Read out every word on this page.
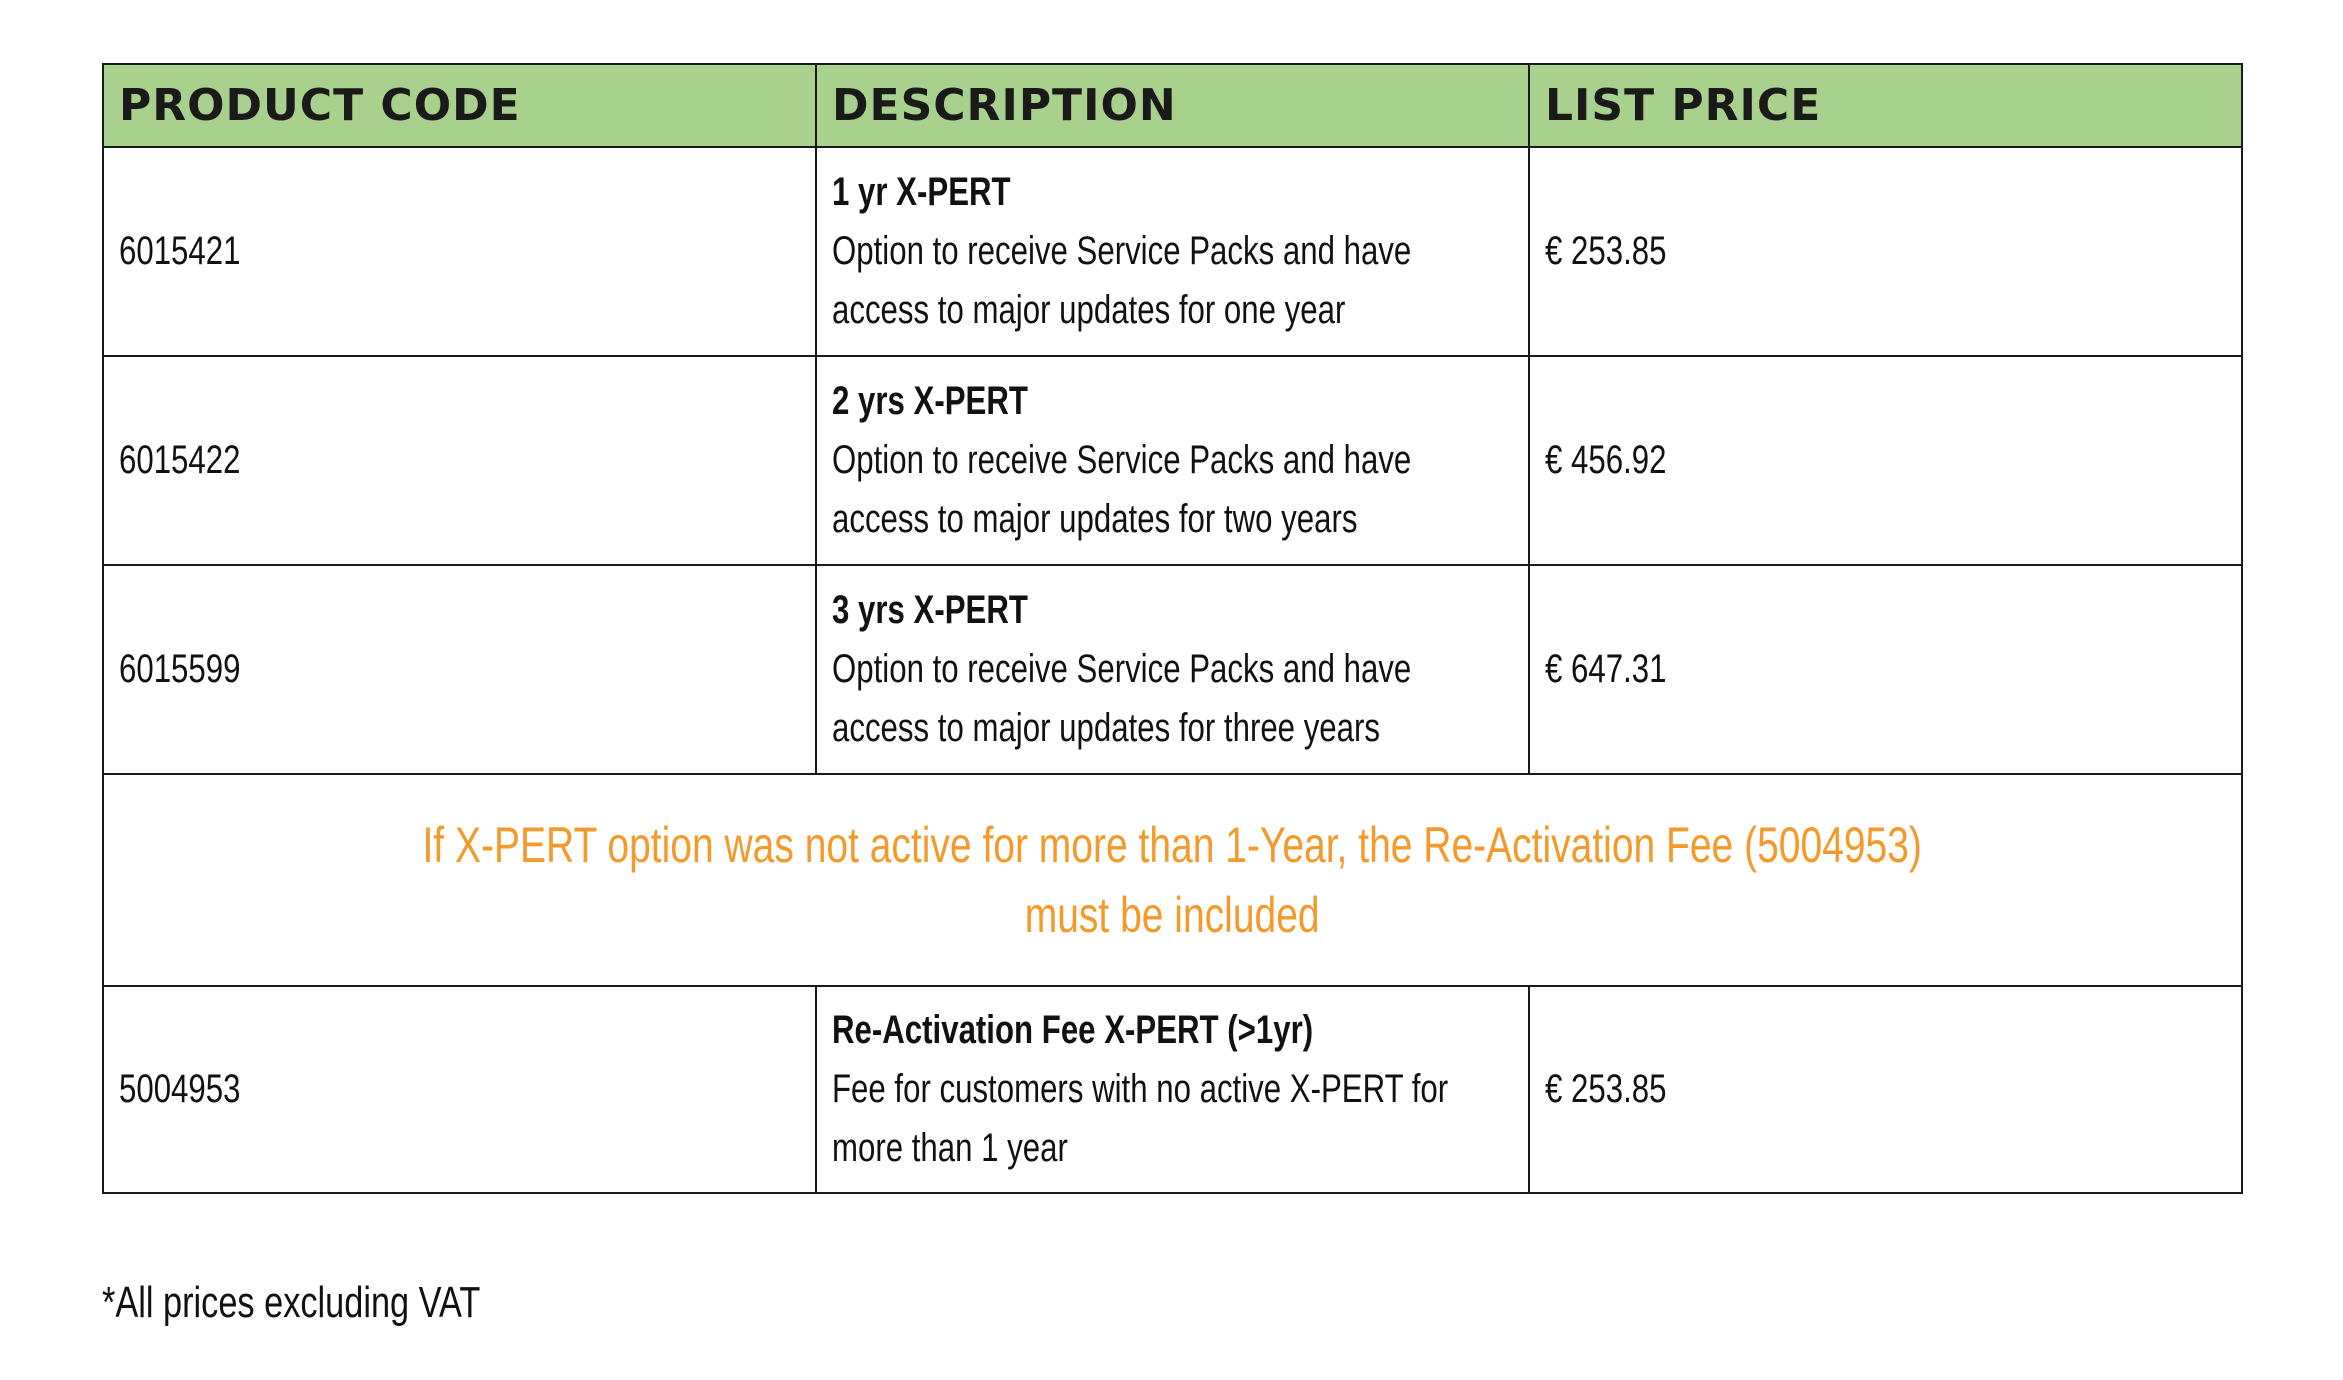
PRODUCT CODE	DESCRIPTION	LIST PRICE
6015421	1 yr X-PERT
Option to receive Service Packs and have
access to major updates for one year	€ 253.85
6015422	2 yrs X-PERT
Option to receive Service Packs and have
access to major updates for two years	€ 456.92
6015599	3 yrs X-PERT
Option to receive Service Packs and have
access to major updates for three years	€ 647.31
If X-PERT option was not active for more than 1-Year, the Re-Activation Fee (5004953)
must be included		
5004953	Re-Activation Fee X-PERT (>1yr)
Fee for customers with no active X-PERT for
more than 1 year	€ 253.85
*All prices excluding VAT
